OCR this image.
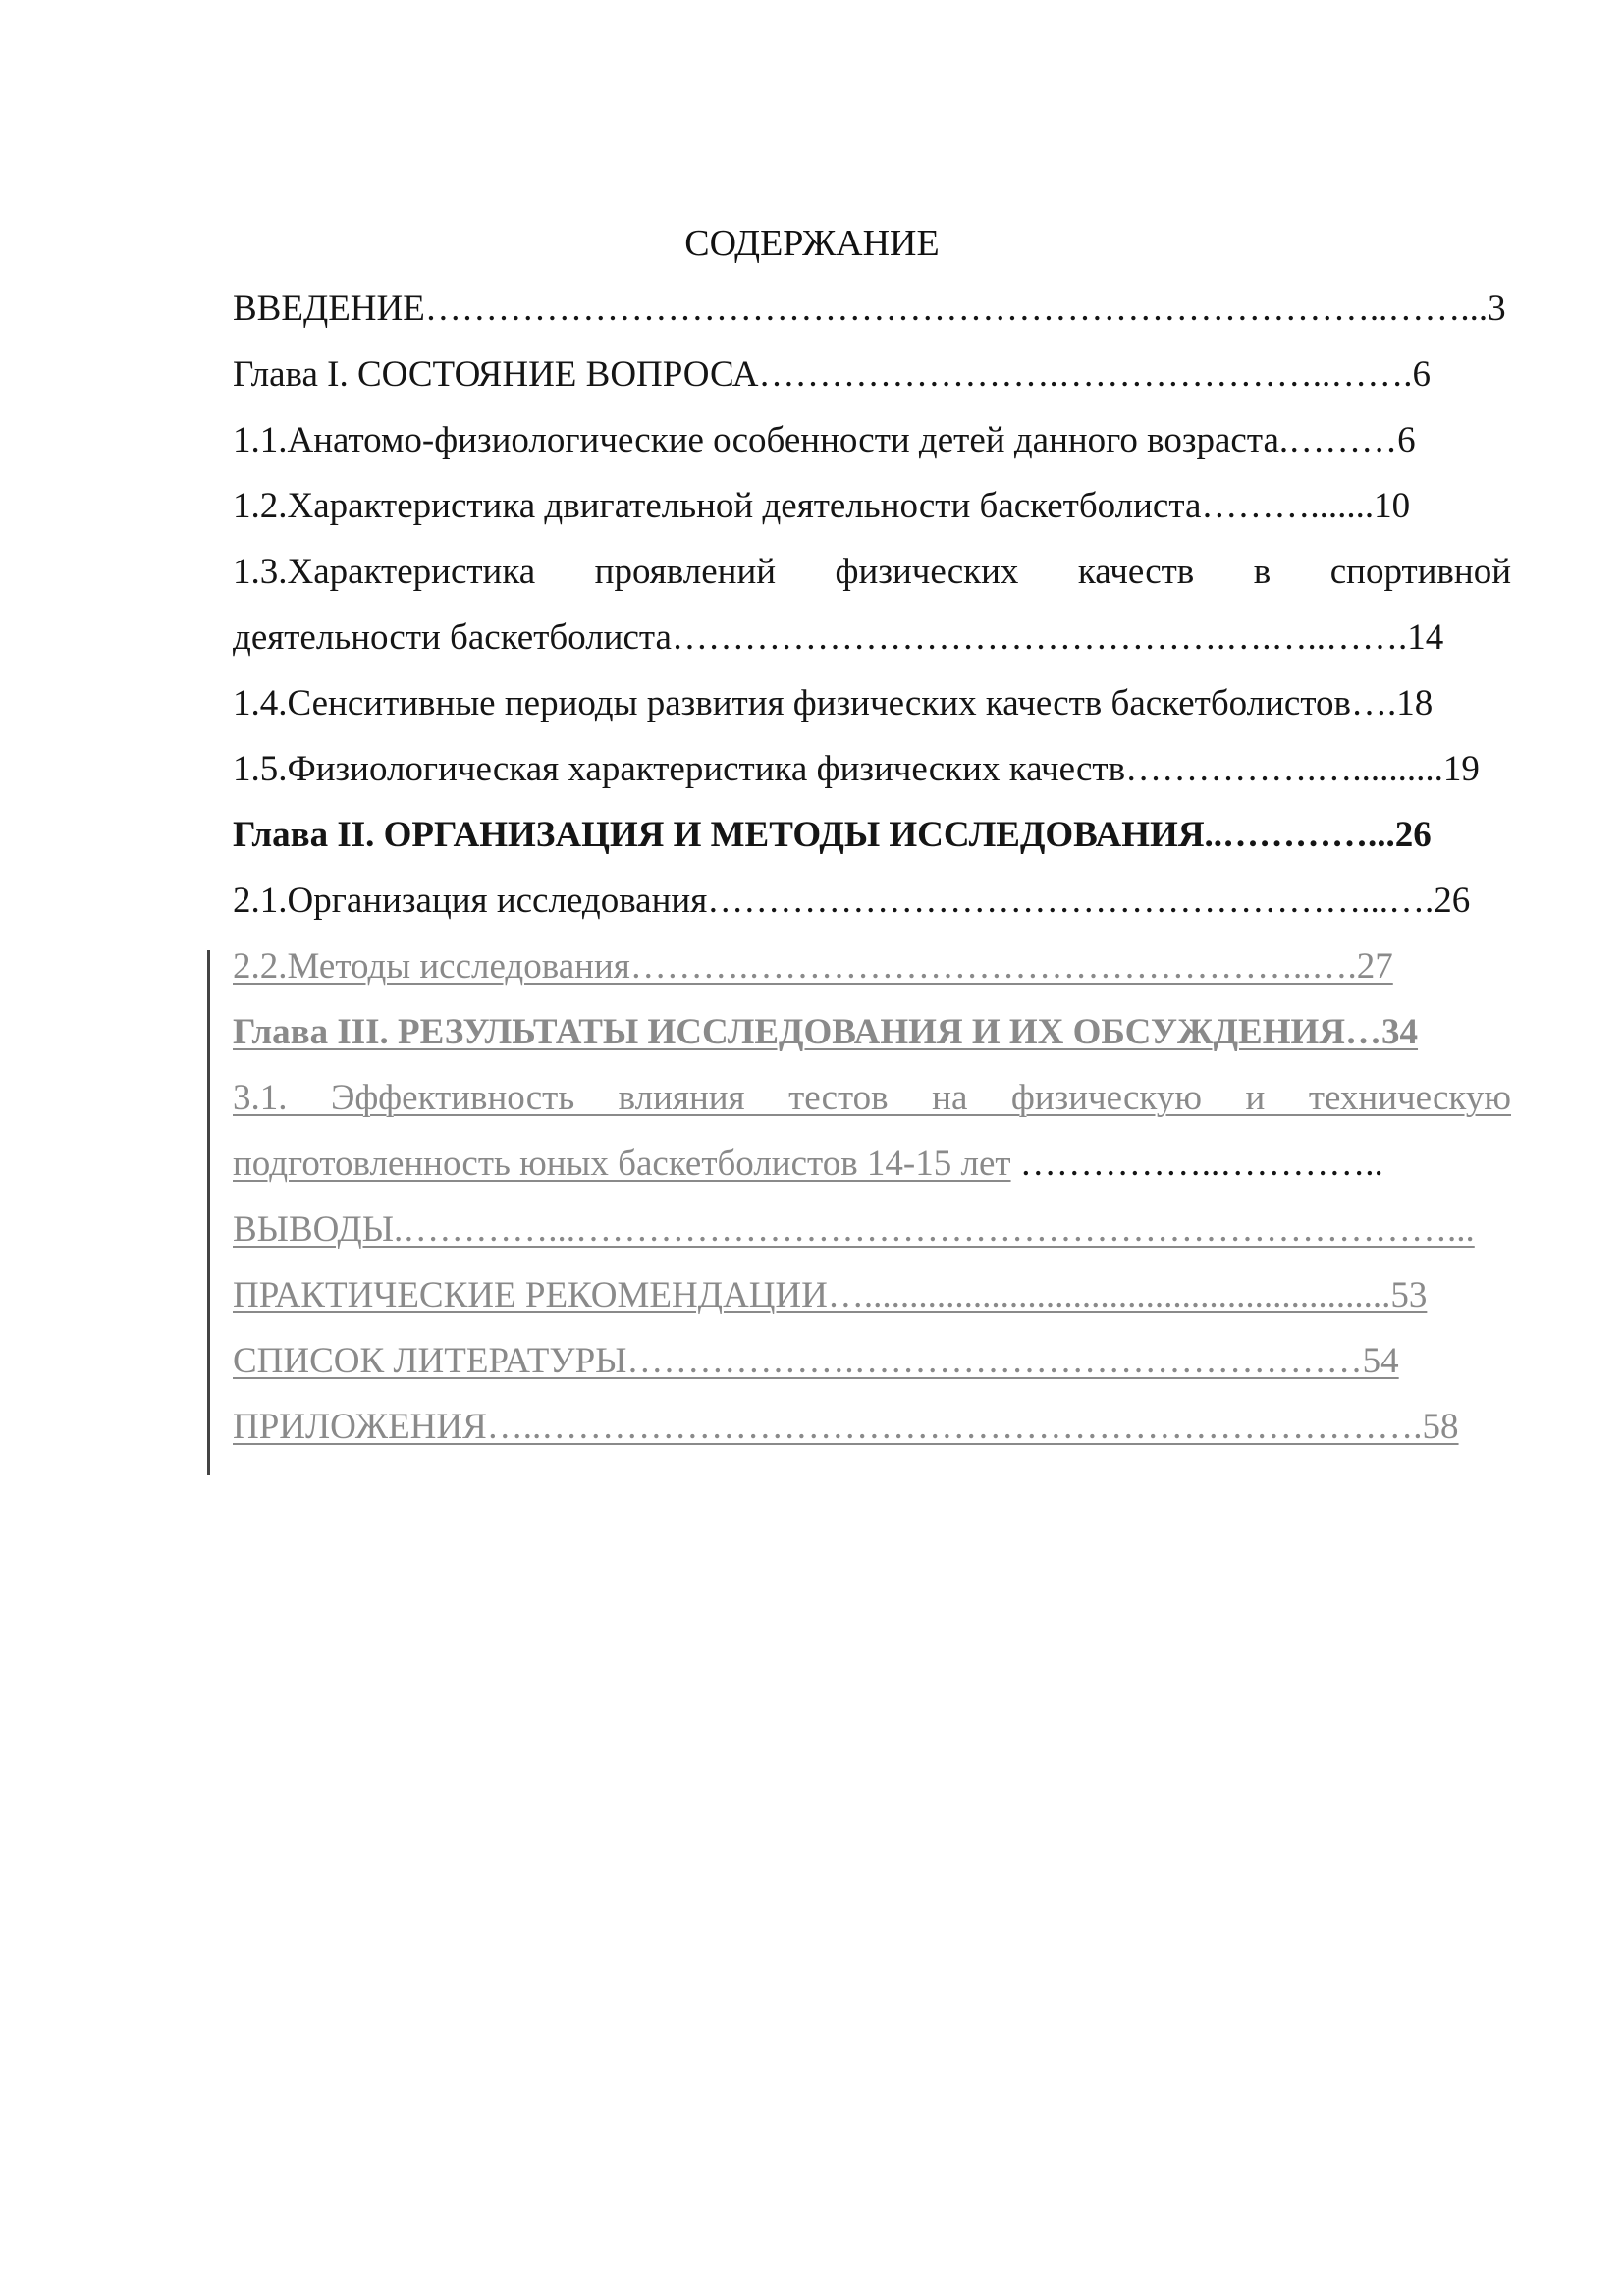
СОДЕРЖАНИЕ
ВВЕДЕНИЕ……………………………………………………………………..……...3
Глава I. СОСТОЯНИЕ ВОПРОСА…………………….…………………..…….6
1.1.Анатомо-физиологические особенности детей данного возраста.………6
1.2.Характеристика двигательной деятельности баскетболиста……….......10
1.3.Характеристика проявлений физических качеств в спортивной
деятельности баскетболиста……………………………………….….…..…….14
1.4.Сенситивные периоды развития физических качеств баскетболистов….18
1.5.Физиологическая характеристика физических качеств…………….…..........19
Глава II. ОРГАНИЗАЦИЯ И МЕТОДЫ ИССЛЕДОВАНИЯ..…………...26
2.1.Организация исследования………………………………………………...….26
2.2.Методы исследования……….………………………………………..….27
Глава III. РЕЗУЛЬТАТЫ ИССЛЕДОВАНИЯ И ИХ ОБСУЖДЕНИЯ…34
3.1. Эффективность влияния тестов на физическую и техническую
подготовленность юных баскетболистов 14-15 лет ……………..…………..
ВЫВОДЫ.…………...………………………………………………………………...
ПРАКТИЧЕСКИЕ РЕКОМЕНДАЦИИ…..........................................................53
СПИСОК ЛИТЕРАТУРЫ……………….……………………………………54
ПРИЛОЖЕНИЯ…..……………………………………………………………….58
